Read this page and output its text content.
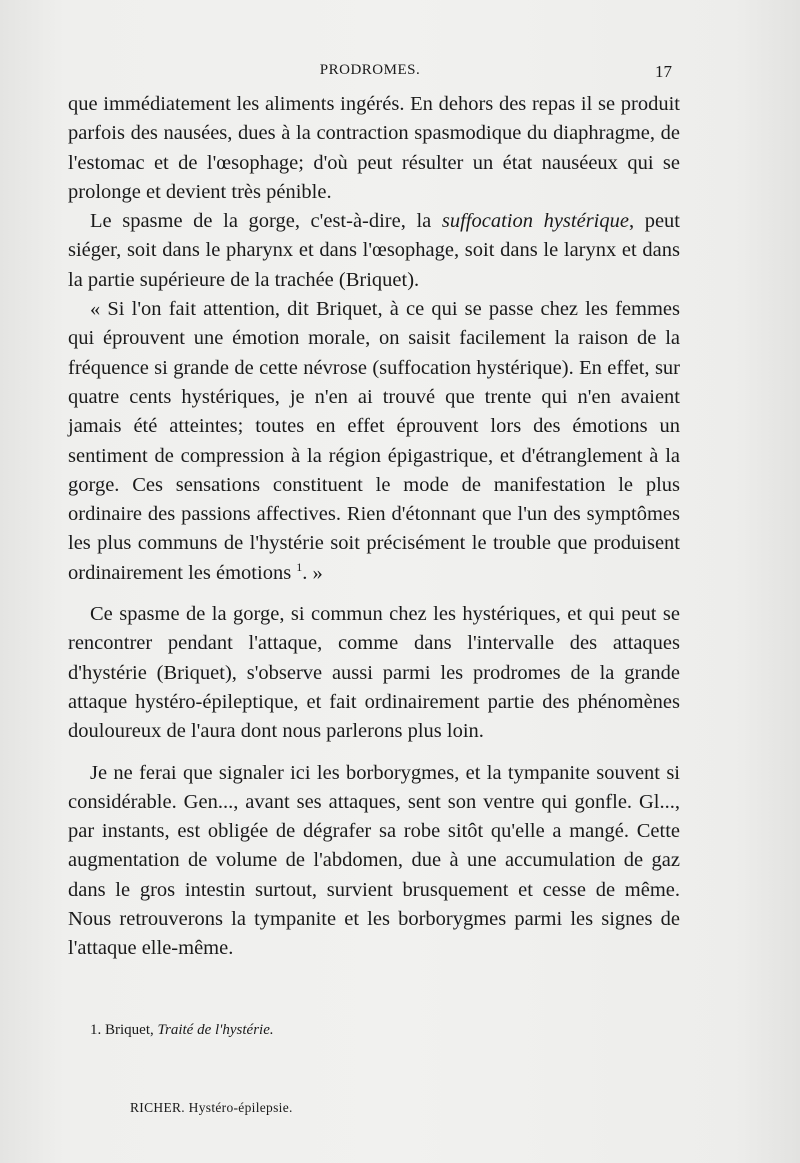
PRODROMES.	17

que immédiatement les aliments ingérés. En dehors des repas il se produit parfois des nausées, dues à la contraction spasmodique du diaphragme, de l'estomac et de l'œsophage; d'où peut résulter un état nauséeux qui se prolonge et devient très pénible.

Le spasme de la gorge, c'est-à-dire, la suffocation hystérique, peut siéger, soit dans le pharynx et dans l'œsophage, soit dans le larynx et dans la partie supérieure de la trachée (Briquet).

« Si l'on fait attention, dit Briquet, à ce qui se passe chez les femmes qui éprouvent une émotion morale, on saisit facilement la raison de la fréquence si grande de cette névrose (suffocation hystérique). En effet, sur quatre cents hystériques, je n'en ai trouvé que trente qui n'en avaient jamais été atteintes; toutes en effet éprouvent lors des émotions un sentiment de compression à la région épigastrique, et d'étranglement à la gorge. Ces sensations constituent le mode de manifestation le plus ordinaire des passions affectives. Rien d'étonnant que l'un des symptômes les plus communs de l'hystérie soit précisément le trouble que produisent ordinairement les émotions $^1$. »

Ce spasme de la gorge, si commun chez les hystériques, et qui peut se rencontrer pendant l'attaque, comme dans l'intervalle des attaques d'hystérie (Briquet), s'observe aussi parmi les prodromes de la grande attaque hystéro-épileptique, et fait ordinairement partie des phénomènes douloureux de l'aura dont nous parlerons plus loin.

Je ne ferai que signaler ici les borborygmes, et la tympanite souvent si considérable. Gen..., avant ses attaques, sent son ventre qui gonfle. Gl..., par instants, est obligée de dégrafer sa robe sitôt qu'elle a mangé. Cette augmentation de volume de l'abdomen, due à une accumulation de gaz dans le gros intestin surtout, survient brusquement et cesse de même. Nous retrouverons la tympanite et les borborygmes parmi les signes de l'attaque elle-même.

1. Briquet, Traité de l'hystérie.
RICHER. Hystéro-épilepsie.
